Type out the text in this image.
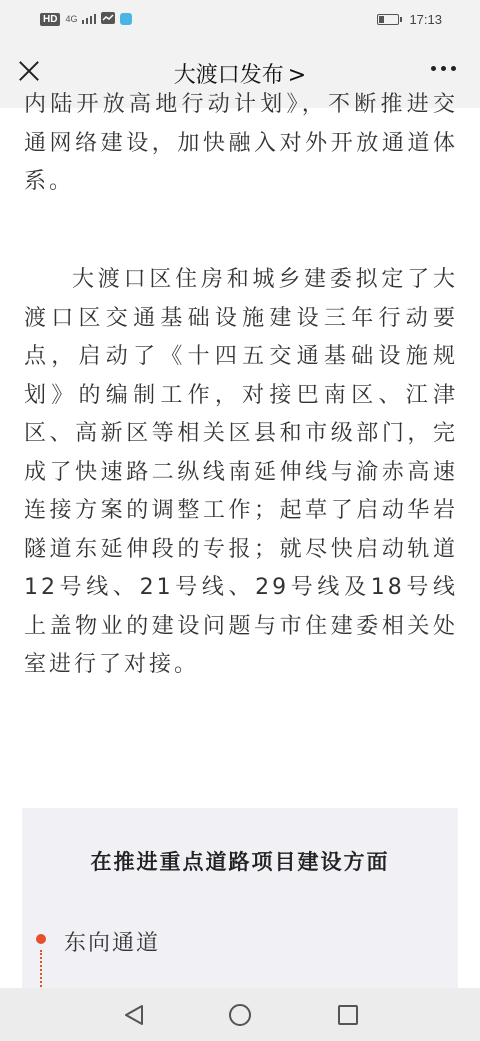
HD 4G	17:13
大渡口发布 >

内陆开放高地行动计划》，不断推进交通网络建设，加快融入对外开放通道体系。

大渡口区住房和城乡建委拟定了大渡口区交通基础设施建设三年行动要点，启动了《十四五交通基础设施规划》的编制工作，对接巴南区、江津区、高新区等相关区县和市级部门，完成了快速路二纵线南延伸线与渝赤高速连接方案的调整工作；起草了启动华岩隧道东延伸段的专报；就尽快启动轨道12号线、21号线、29号线及18号线上盖物业的建设问题与市住建委相关处室进行了对接。

在推进重点道路项目建设方面
东向通道
